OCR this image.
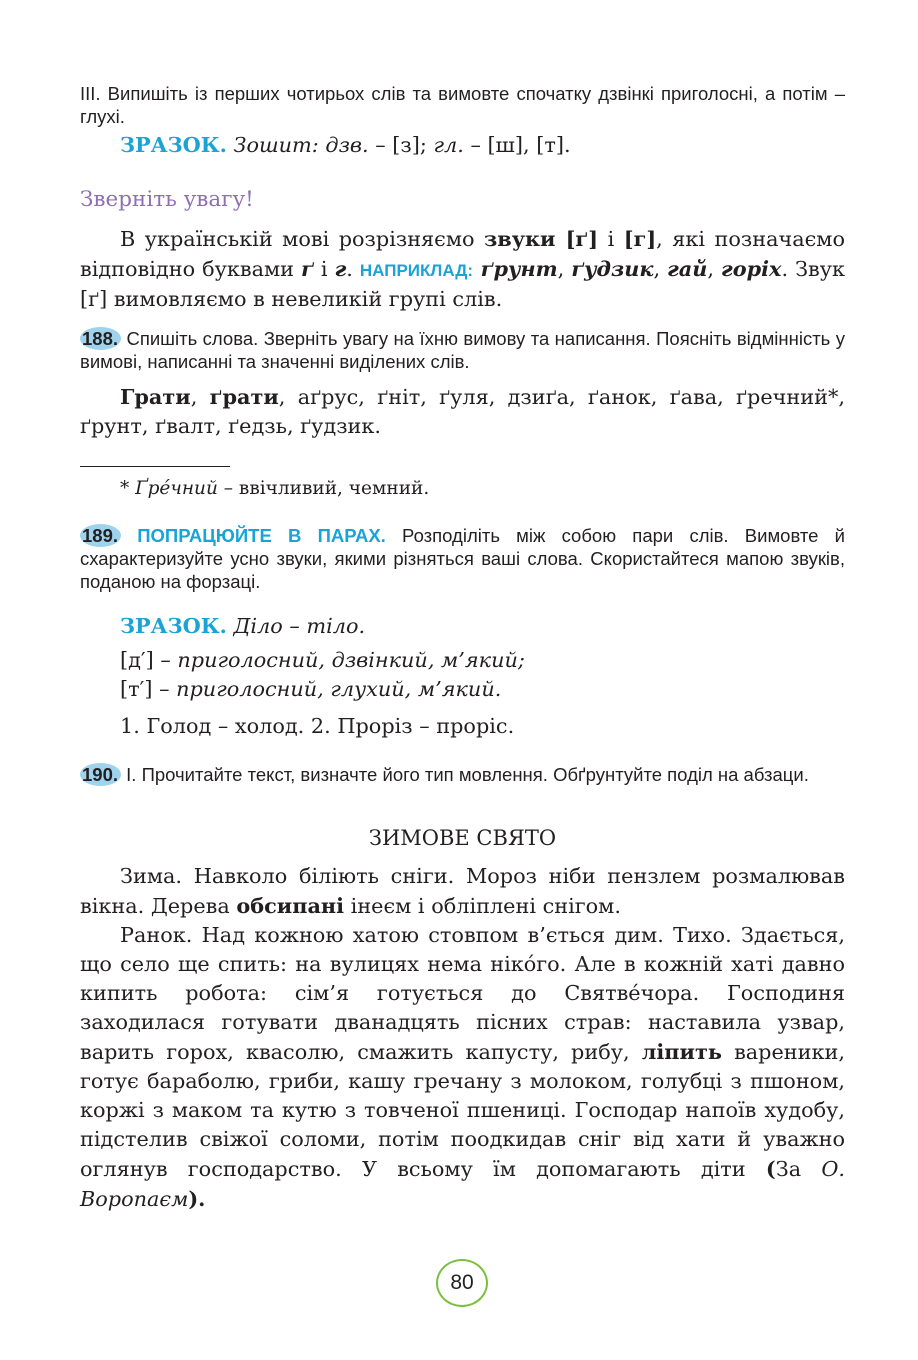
III. Випишіть із перших чотирьох слів та вимовте спочатку дзвінкі приголосні, а потім – глухі.

ЗРАЗОК. Зошит: дзв. – [з]; гл. – [ш], [т].

Зверніть увагу!

В українській мові розрізняємо звуки [ґ] і [г], які позначаємо відповідно буквами ґ і г. НАПРИКЛАД: ґрунт, ґудзик, гай, горіх. Звук [ґ] вимовляємо в невеликій групі слів.

188. Спишіть слова. Зверніть увагу на їхню вимову та написання. Поясніть відмінність у вимові, написанні та значенні виділених слів.

Грати, ґрати, аґрус, ґніт, ґуля, дзиґа, ґанок, ґава, ґречний*, ґрунт, ґвалт, ґедзь, ґудзик.

* Ґре́чний – ввічливий, чемний.

189. ПОПРАЦЮЙТЕ В ПАРАХ. Розподіліть між собою пари слів. Вимовте й схарактеризуйте усно звуки, якими різняться ваші слова. Скористайтеся мапою звуків, поданою на форзаці.

ЗРАЗОК. Діло – тіло.

[д′] – приголосний, дзвінкий, м’який;

[т′] – приголосний, глухий, м’який.

1. Голод – холод. 2. Проріз – проріс.

190. І. Прочитайте текст, визначте його тип мовлення. Обґрунтуйте поділ на абзаци.

ЗИМОВЕ СВЯТО

Зима. Навколо біліють сніги. Мороз ніби пензлем розмалював вікна. Дерева обсипані інеєм і обліплені снігом.

Ранок. Над кожною хатою стовпом в’ється дим. Тихо. Здається, що село ще спить: на вулицях нема нікóго. Але в кожній хаті давно кипить робота: сім’я готується до Святве́чора. Господиня заходилася готувати дванадцять пісних страв: наставила узвар, варить горох, квасолю, смажить капусту, рибу, ліпить вареники, готує бараболю, гриби, кашу гречану з молоком, голубці з пшоном, коржі з маком та кутю з товченої пшениці. Господар напоїв худобу, підстелив свіжої соломи, потім поодкидав сніг від хати й уважно оглянув господарство. У всьому їм допомагають діти (За О. Воропаєм).

80
